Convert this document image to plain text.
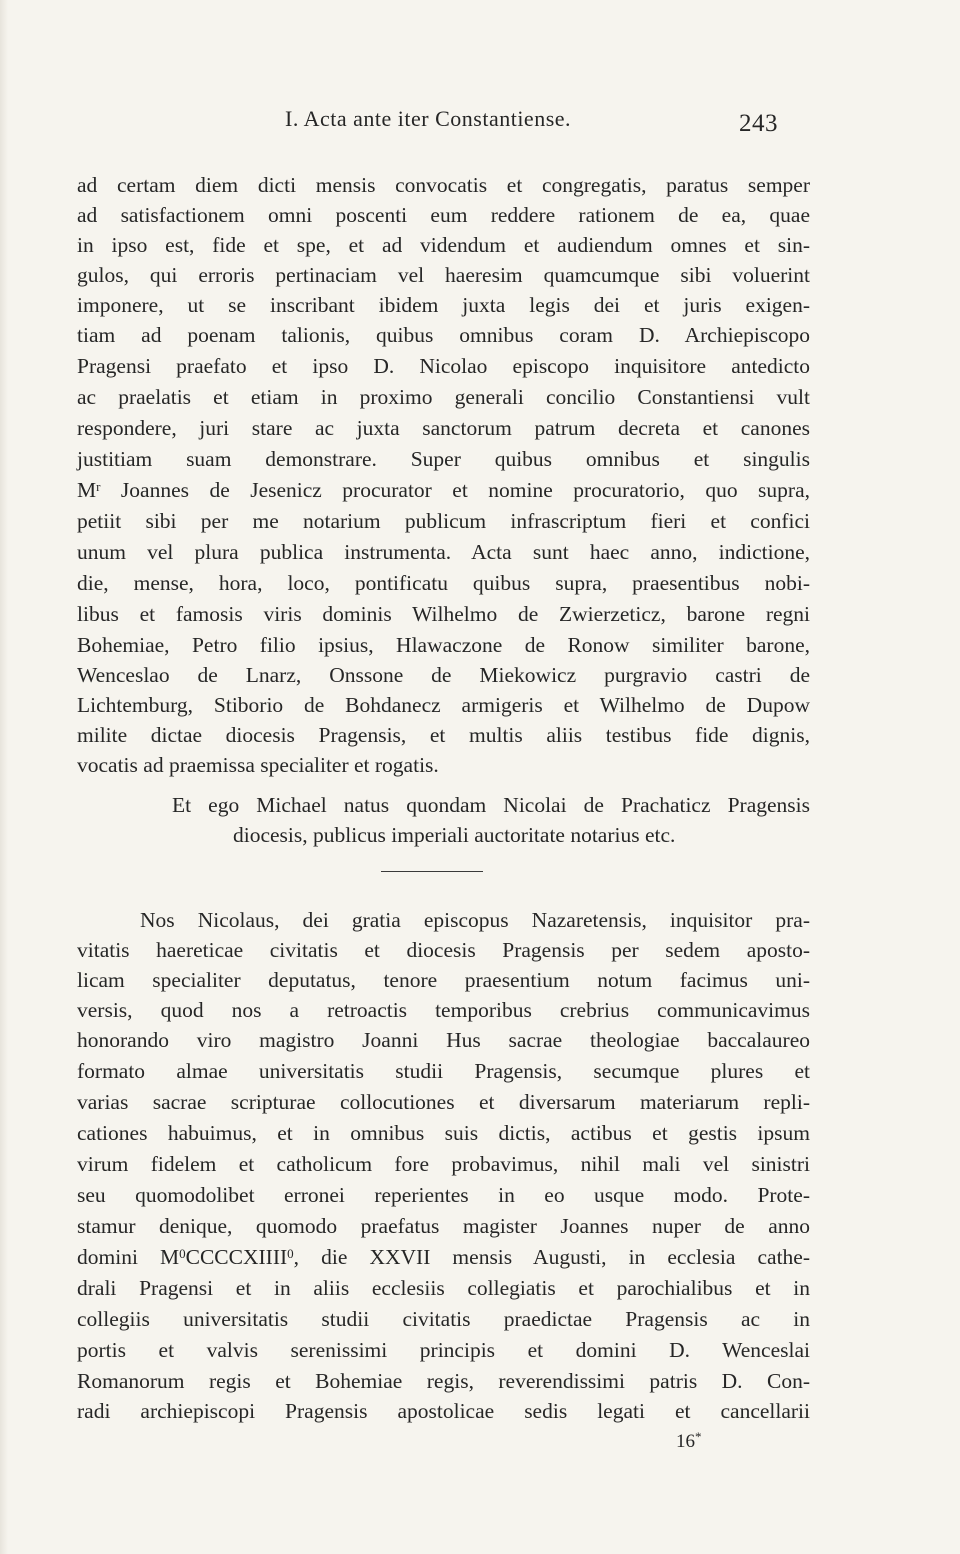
I. Acta ante iter Constantiense.	243
ad certam diem dicti mensis convocatis et congregatis, paratus semper
ad satisfactionem omni poscenti eum reddere rationem de ea, quae
in ipso est, fide et spe, et ad videndum et audiendum omnes et sin-
gulos, qui erroris pertinaciam vel haeresim quamcumque sibi voluerint
imponere, ut se inscribant ibidem juxta legis dei et juris exigen-
tiam ad poenam talionis, quibus omnibus coram D. Archiepiscopo
Pragensi praefato et ipso D. Nicolao episcopo inquisitore antedicto
ac praelatis et etiam in proximo generali concilio Constantiensi vult
respondere, juri stare ac juxta sanctorum patrum decreta et canones
justitiam suam demonstrare. Super quibus omnibus et singulis
$M^r$ Joannes de Jesenicz procurator et nomine procuratorio, quo supra,
petiit sibi per me notarium publicum infrascriptum fieri et confici
unum vel plura publica instrumenta. Acta sunt haec anno, indictione,
die, mense, hora, loco, pontificatu quibus supra, praesentibus nobi-
libus et famosis viris dominis Wilhelmo de Zwierzeticz, barone regni
Bohemiae, Petro filio ipsius, Hlawaczone de Ronow similiter barone,
Wenceslao de Lnarz, Onssone de Miekowicz purgravio castri de
Lichtemburg, Stiborio de Bohdanecz armigeris et Wilhelmo de Dupow
milite dictae diocesis Pragensis, et multis aliis testibus fide dignis,
vocatis ad praemissa specialiter et rogatis.
Et ego Michael natus quondam Nicolai de Prachaticz Pragensis
diocesis, publicus imperiali auctoritate notarius etc.
Nos Nicolaus, dei gratia episcopus Nazaretensis, inquisitor pra-
vitatis haereticae civitatis et diocesis Pragensis per sedem aposto-
licam specialiter deputatus, tenore praesentium notum facimus uni-
versis, quod nos a retroactis temporibus crebrius communicavimus
honorando viro magistro Joanni Hus sacrae theologiae baccalaureo
formato almae universitatis studii Pragensis, secumque plures et
varias sacrae scripturae collocutiones et diversarum materiarum repli-
cationes habuimus, et in omnibus suis dictis, actibus et gestis ipsum
virum fidelem et catholicum fore probavimus, nihil mali vel sinistri
seu quomodolibet erronei reperientes in eo usque modo. Prote-
stamur denique, quomodo praefatus magister Joannes nuper de anno
domini $M^0CCCCXIIII^0$, die XXVII mensis Augusti, in ecclesia cathe-
drali Pragensi et in aliis ecclesiis collegiatis et parochialibus et in
collegiis universitatis studii civitatis praedictae Pragensis ac in
portis et valvis serenissimi principis et domini D. Wenceslai
Romanorum regis et Bohemiae regis, reverendissimi patris D. Con-
radi archiepiscopi Pragensis apostolicae sedis legati et cancellarii
16*
